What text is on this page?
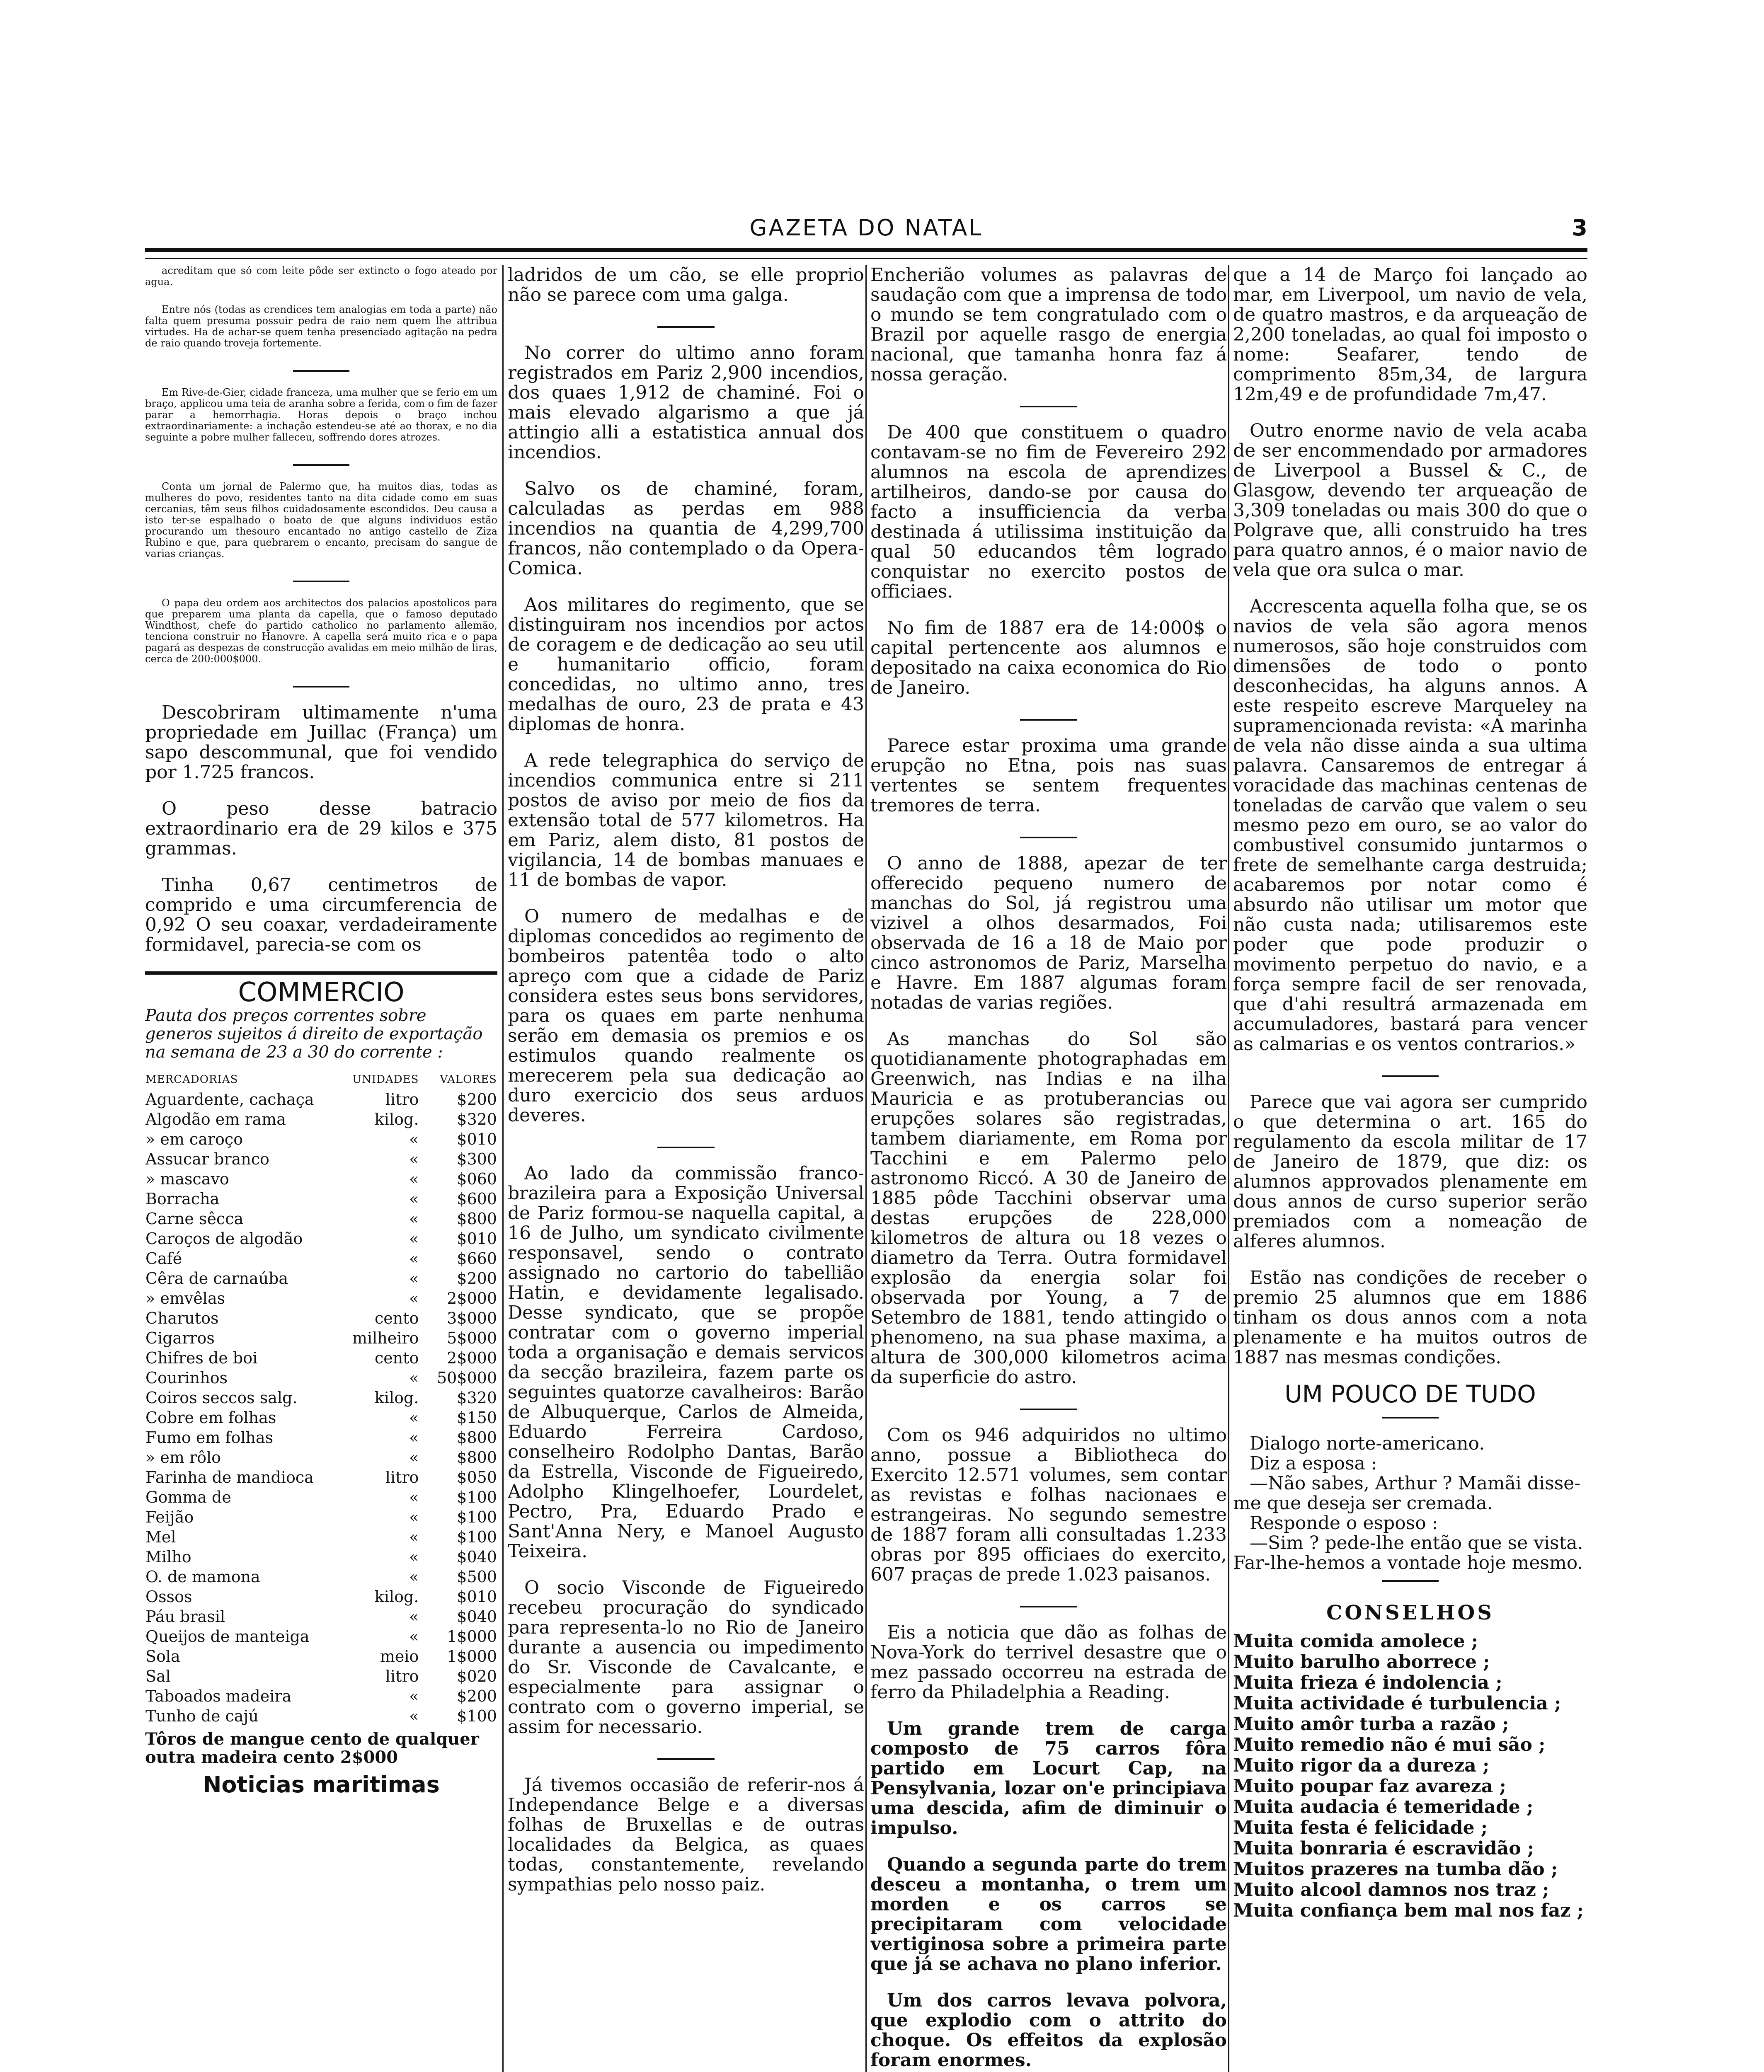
GAZETA DO NATAL	3

acreditam que só com leite pôde ser extincto o fogo ateado por agua.

Entre nós (todas as crendices tem analogias em toda a parte) não falta quem presuma possuir pedra de raio nem quem lhe attribua virtudes. Ha de achar-se quem tenha presenciado agitação na pedra de raio quando troveja fortemente.

Em Rive-de-Gier, cidade franceza, uma mulher que se ferio em um braço, applicou uma teia de aranha sobre a ferida, com o fim de fazer parar a hemorrhagia. Horas depois o braço inchou extraordinariamente: a inchação estendeu-se até ao thorax, e no dia seguinte a pobre mulher falleceu, soffrendo dores atrozes.

Conta um jornal de Palermo que, ha muitos dias, todas as mulheres do povo, residentes tanto na dita cidade como em suas cercanias, têm seus filhos cuidadosamente escondidos. Deu causa a isto ter-se espalhado o boato de que alguns individuos estão procurando um thesouro encantado no antigo castello de Ziza Rubino e que, para quebrarem o encanto, precisam do sangue de varias crianças.

O papa deu ordem aos architectos dos palacios apostolicos para que preparem uma planta da capella, que o famoso deputado Windthost, chefe do partido catholico no parlamento allemão, tenciona construir no Hanovre. A capella será muito rica e o papa pagará as despezas de construcção avalidas em meio milhão de liras, cerca de 200:000$000.

Descobriram ultimamente n'uma propriedade em Juillac (França) um sapo descommunal, que foi vendido por 1.725 francos.

O peso desse batracio extraordinario era de 29 kilos e 375 grammas.

Tinha 0,67 centimetros de comprido e uma circumferencia de 0,92 O seu coaxar, verdadeiramente formidavel, parecia-se com os

COMMERCIO
Pauta dos preços correntes sobre generos sujeitos á direito de exportação na semana de 23 a 30 do corrente :
MERCADORIAS	UNIDADES	VALORES
Aguardente, cachaça	litro	$200
Algodão em rama	kilog.	$320
» em caroço	«	$010
Assucar branco	«	$300
» mascavo	«	$060
Borracha	«	$600
Carne sêcca	«	$800
Caroços de algodão	«	$010
Café	«	$660
Cêra de carnaúba	«	$200
» emvêlas	«	2$000
Charutos	cento	3$000
Cigarros	milheiro	5$000
Chifres de boi	cento	2$000
Courinhos	«	50$000
Coiros seccos salg.	kilog.	$320
Cobre em folhas	«	$150
Fumo em folhas	«	$800
» em rôlo	«	$800
Farinha de mandioca	litro	$050
Gomma de	«	$100
Feijão	«	$100
Mel	«	$100
Milho	«	$040
O. de mamona	«	$500
Ossos	kilog.	$010
Páu brasil	«	$040
Queijos de manteiga	«	1$000
Sola	meio	1$000
Sal	litro	$020
Taboados madeira	«	$200
Tunho de cajú	«	$100
Tôros de mangue cento de qualquer outra madeira cento 2$000
Noticias maritimas

ladridos de um cão, se elle proprio não se parece com uma galga.

No correr do ultimo anno foram registrados em Pariz 2,900 incendios, dos quaes 1,912 de chaminé. Foi o mais elevado algarismo a que já attingio alli a estatistica annual dos incendios.

Salvo os de chaminé, foram, calculadas as perdas em 988 incendios na quantia de 4,299,700 francos, não contemplado o da Opera-Comica.

Aos militares do regimento, que se distinguiram nos incendios por actos de coragem e de dedicação ao seu util e humanitario officio, foram concedidas, no ultimo anno, tres medalhas de ouro, 23 de prata e 43 diplomas de honra.

A rede telegraphica do serviço de incendios communica entre si 211 postos de aviso por meio de fios da extensão total de 577 kilometros. Ha em Pariz, alem disto, 81 postos de vigilancia, 14 de bombas manuaes e 11 de bombas de vapor.

O numero de medalhas e de diplomas concedidos ao regimento de bombeiros patentêa todo o alto apreço com que a cidade de Pariz considera estes seus bons servidores, para os quaes em parte nenhuma serão em demasia os premios e os estimulos quando realmente os merecerem pela sua dedicação ao duro exercicio dos seus arduos deveres.

Ao lado da commissão franco-brazileira para a Exposição Universal de Pariz formou-se naquella capital, a 16 de Julho, um syndicato civilmente responsavel, sendo o contrato assignado no cartorio do tabellião Hatin, e devidamente legalisado. Desse syndicato, que se propõe contratar com o governo imperial toda a organisação e demais servicos da secção brazileira, fazem parte os seguintes quatorze cavalheiros: Barão de Albuquerque, Carlos de Almeida, Eduardo Ferreira Cardoso, conselheiro Rodolpho Dantas, Barão da Estrella, Visconde de Figueiredo, Adolpho Klingelhoefer, Lourdelet, Pectro, Pra, Eduardo Prado e Sant'Anna Nery, e Manoel Augusto Teixeira.

O socio Visconde de Figueiredo recebeu procuração do syndicado para representa-lo no Rio de Janeiro durante a ausencia ou impedimento do Sr. Visconde de Cavalcante, e especialmente para assignar o contrato com o governo imperial, se assim for necessario.

Já tivemos occasião de referir-nos á Independance Belge e a diversas folhas de Bruxellas e de outras localidades da Belgica, as quaes todas, constantemente, revelando sympathias pelo nosso paiz.

Encherião volumes as palavras de saudação com que a imprensa de todo o mundo se tem congratulado com o Brazil por aquelle rasgo de energia nacional, que tamanha honra faz á nossa geração.

De 400 que constituem o quadro contavam-se no fim de Fevereiro 292 alumnos na escola de aprendizes artilheiros, dando-se por causa do facto a insufficiencia da verba destinada á utilissima instituição da qual 50 educandos têm logrado conquistar no exercito postos de officiaes.

No fim de 1887 era de 14:000$ o capital pertencente aos alumnos e depositado na caixa economica do Rio de Janeiro.

Parece estar proxima uma grande erupção no Etna, pois nas suas vertentes se sentem frequentes tremores de terra.

O anno de 1888, apezar de ter offerecido pequeno numero de manchas do Sol, já registrou uma vizivel a olhos desarmados, Foi observada de 16 a 18 de Maio por cinco astronomos de Pariz, Marselha e Havre. Em 1887 algumas foram notadas de varias regiões.

As manchas do Sol são quotidianamente photographadas em Greenwich, nas Indias e na ilha Mauricia e as protuberancias ou erupções solares são registradas, tambem diariamente, em Roma por Tacchini e em Palermo pelo astronomo Riccó. A 30 de Janeiro de 1885 pôde Tacchini observar uma destas erupções de 228,000 kilometros de altura ou 18 vezes o diametro da Terra. Outra formidavel explosão da energia solar foi observada por Young, a 7 de Setembro de 1881, tendo attingido o phenomeno, na sua phase maxima, a altura de 300,000 kilometros acima da superficie do astro.

Com os 946 adquiridos no ultimo anno, possue a Bibliotheca do Exercito 12.571 volumes, sem contar as revistas e folhas nacionaes e estrangeiras. No segundo semestre de 1887 foram alli consultadas 1.233 obras por 895 officiaes do exercito, 607 praças de prede 1.023 paisanos.

Eis a noticia que dão as folhas de Nova-York do terrivel desastre que o mez passado occorreu na estrada de ferro da Philadelphia a Reading.

Um grande trem de carga composto de 75 carros fôra partido em Locurt Cap, na Pensylvania, lozar on'e principiava uma descida, afim de diminuir o impulso.

Quando a segunda parte do trem desceu a montanha, o trem um morden e os carros se precipitaram com velocidade vertiginosa sobre a primeira parte que já se achava no plano inferior.

Um dos carros levava polvora, que explodio com o attrito do choque. Os effeitos da explosão foram enormes.

que a 14 de Março foi lançado ao mar, em Liverpool, um navio de vela, de quatro mastros, e da arqueação de 2,200 toneladas, ao qual foi imposto o nome: Seafarer, tendo de comprimento 85m,34, de largura 12m,49 e de profundidade 7m,47.

Outro enorme navio de vela acaba de ser encommendado por armadores de Liverpool a Bussel & C., de Glasgow, devendo ter arqueação de 3,309 toneladas ou mais 300 do que o Polgrave que, alli construido ha tres para quatro annos, é o maior navio de vela que ora sulca o mar.

Accrescenta aquella folha que, se os navios de vela são agora menos numerosos, são hoje construidos com dimensões de todo o ponto desconhecidas, ha alguns annos. A este respeito escreve Marqueley na supramencionada revista: «A marinha de vela não disse ainda a sua ultima palavra. Cansaremos de entregar á voracidade das machinas centenas de toneladas de carvão que valem o seu mesmo pezo em ouro, se ao valor do combustivel consumido juntarmos o frete de semelhante carga destruida; acabaremos por notar como é absurdo não utilisar um motor que não custa nada; utilisaremos este poder que pode produzir o movimento perpetuo do navio, e a força sempre facil de ser renovada, que d'ahi resultrá armazenada em accumuladores, bastará para vencer as calmarias e os ventos contrarios.»

Parece que vai agora ser cumprido o que determina o art. 165 do regulamento da escola militar de 17 de Janeiro de 1879, que diz: os alumnos approvados plenamente em dous annos de curso superior serão premiados com a nomeação de alferes alumnos.

Estão nas condições de receber o premio 25 alumnos que em 1886 tinham os dous annos com a nota plenamente e ha muitos outros de 1887 nas mesmas condições.

UM POUCO DE TUDO
Dialogo norte-americano.
Diz a esposa :
—Não sabes, Arthur ? Mamãi disse-me que deseja ser cremada.
Responde o esposo :
—Sim ? pede-lhe então que se vista. Far-lhe-hemos a vontade hoje mesmo.
CONSELHOS
Muita comida amolece ;
Muito barulho aborrece ;
Muita frieza é indolencia ;
Muita actividade é turbulencia ;
Muito amôr turba a razão ;
Muito remedio não é mui são ;
Muito rigor da a dureza ;
Muito poupar faz avareza ;
Muita audacia é temeridade ;
Muita festa é felicidade ;
Muita bonraria é escravidão ;
Muitos prazeres na tumba dão ;
Muito alcool damnos nos traz ;
Muita confiança bem mal nos faz ;
